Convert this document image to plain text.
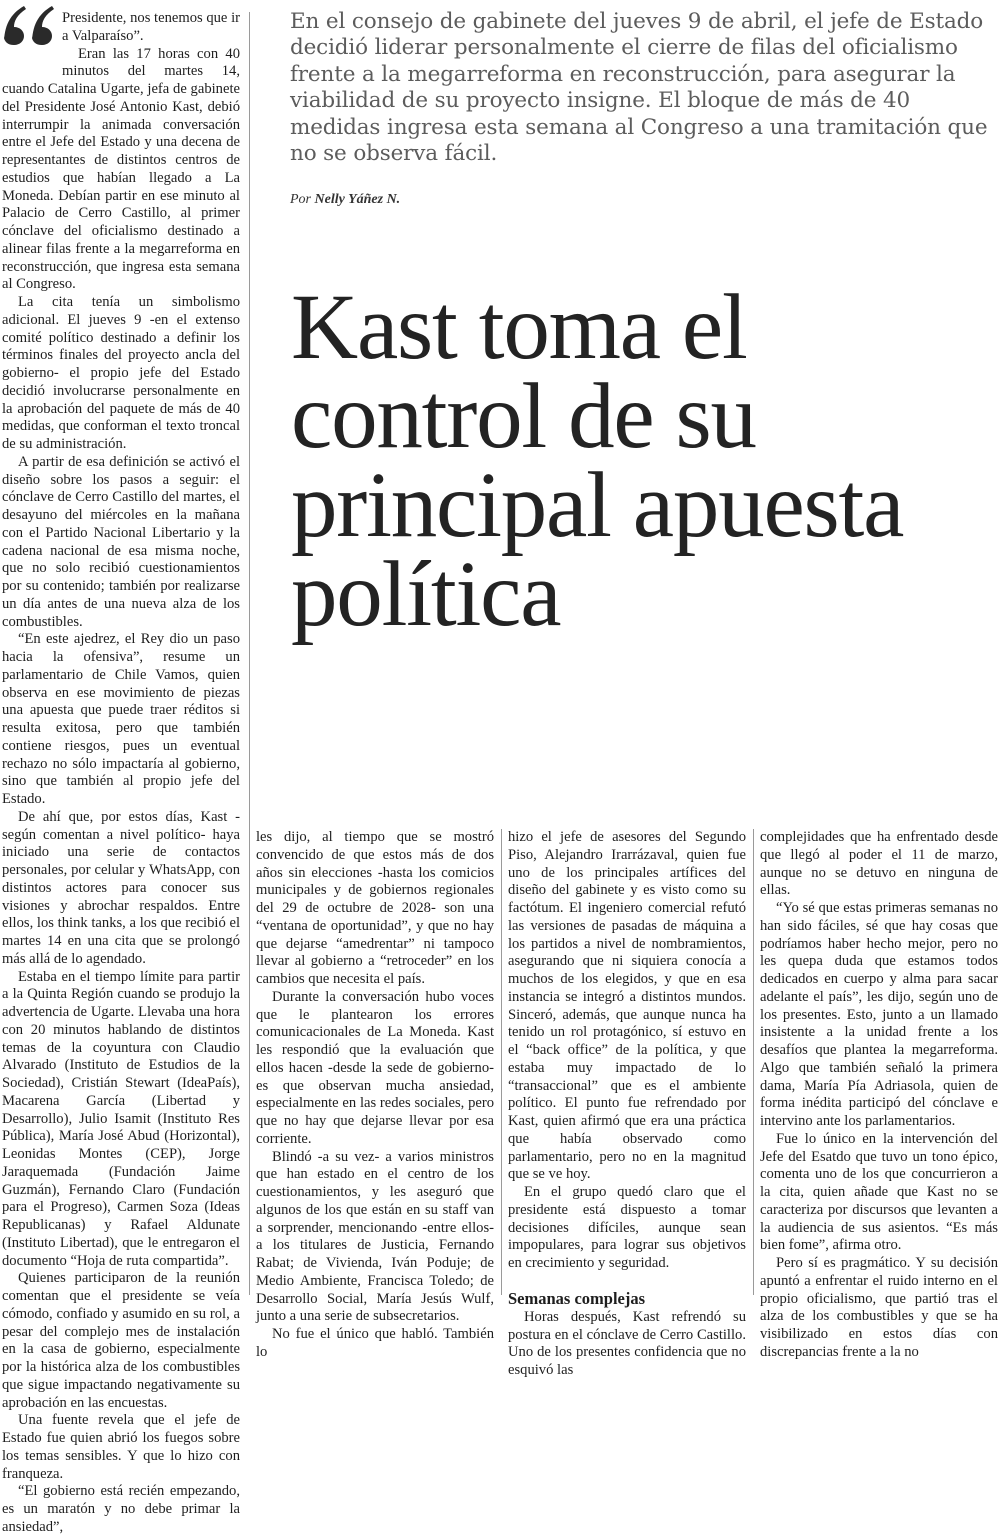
En el consejo de gabinete del jueves 9 de abril, el jefe de Estado decidió liderar personalmente el cierre de filas del oficialismo frente a la megarreforma en reconstrucción, para asegurar la viabilidad de su proyecto insigne. El bloque de más de 40 medidas ingresa esta semana al Congreso a una tramitación que no se observa fácil.

Por Nelly Yáñez N.
Kast toma el control de su principal apuesta política

Presidente, nos tenemos que ir a Valparaíso”.

Eran las 17 horas con 40 minutos del martes 14, cuando Catalina Ugarte, jefa de gabinete del Presidente José Antonio Kast, debió interrumpir la animada conversación entre el Jefe del Estado y una decena de representantes de distintos centros de estudios que habían llegado a La Moneda. Debían partir en ese minuto al Palacio de Cerro Castillo, al primer cónclave del oficialismo destinado a alinear filas frente a la megarreforma en reconstrucción, que ingresa esta semana al Congreso.

La cita tenía un simbolismo adicional. El jueves 9 -en el extenso comité político destinado a definir los términos finales del proyecto ancla del gobierno- el propio jefe del Estado decidió involucrarse personalmente en la aprobación del paquete de más de 40 medidas, que conforman el texto troncal de su administración.

A partir de esa definición se activó el diseño sobre los pasos a seguir: el cónclave de Cerro Castillo del martes, el desayuno del miércoles en la mañana con el Partido Nacional Libertario y la cadena nacional de esa misma noche, que no solo recibió cuestionamientos por su contenido; también por realizarse un día antes de una nueva alza de los combustibles.

“En este ajedrez, el Rey dio un paso hacia la ofensiva”, resume un parlamentario de Chile Vamos, quien observa en ese movimiento de piezas una apuesta que puede traer réditos si resulta exitosa, pero que también contiene riesgos, pues un eventual rechazo no sólo impactaría al gobierno, sino que también al propio jefe del Estado.

De ahí que, por estos días, Kast -según comentan a nivel político- haya iniciado una serie de contactos personales, por celular y WhatsApp, con distintos actores para conocer sus visiones y abrochar respaldos. Entre ellos, los think tanks, a los que recibió el martes 14 en una cita que se prolongó más allá de lo agendado.

Estaba en el tiempo límite para partir a la Quinta Región cuando se produjo la advertencia de Ugarte. Llevaba una hora con 20 minutos hablando de distintos temas de la coyuntura con Claudio Alvarado (Instituto de Estudios de la Sociedad), Cristián Stewart (IdeaPaís), Macarena García (Libertad y Desarrollo), Julio Isamit (Instituto Res Pública), María José Abud (Horizontal), Leonidas Montes (CEP), Jorge Jaraquemada (Fundación Jaime Guzmán), Fernando Claro (Fundación para el Progreso), Carmen Soza (Ideas Republicanas) y Rafael Aldunate (Instituto Libertad), que le entregaron el documento “Hoja de ruta compartida”.

Quienes participaron de la reunión comentan que el presidente se veía cómodo, confiado y asumido en su rol, a pesar del complejo mes de instalación en la casa de gobierno, especialmente por la histórica alza de los combustibles que sigue impactando negativamente su aprobación en las encuestas.

Una fuente revela que el jefe de Estado fue quien abrió los fuegos sobre los temas sensibles. Y que lo hizo con franqueza.

“El gobierno está recién empezando, es un maratón y no debe primar la ansiedad”,

les dijo, al tiempo que se mostró convencido de que estos más de dos años sin elecciones -hasta los comicios municipales y de gobiernos regionales del 29 de octubre de 2028- son una “ventana de oportunidad”, y que no hay que dejarse “amedrentar” ni tampoco llevar al gobierno a “retroceder” en los cambios que necesita el país.

Durante la conversación hubo voces que le plantearon los errores comunicacionales de La Moneda. Kast les respondió que la evaluación que ellos hacen -desde la sede de gobierno- es que observan mucha ansiedad, especialmente en las redes sociales, pero que no hay que dejarse llevar por esa corriente.

Blindó -a su vez- a varios ministros que han estado en el centro de los cuestionamientos, y les aseguró que algunos de los que están en su staff van a sorprender, mencionando -entre ellos- a los titulares de Justicia, Fernando Rabat; de Vivienda, Iván Poduje; de Medio Ambiente, Francisca Toledo; de Desarrollo Social, María Jesús Wulf, junto a una serie de subsecretarios.

No fue el único que habló. También lo

hizo el jefe de asesores del Segundo Piso, Alejandro Irarrázaval, quien fue uno de los principales artífices del diseño del gabinete y es visto como su factótum. El ingeniero comercial refutó las versiones de pasadas de máquina a los partidos a nivel de nombramientos, asegurando que ni siquiera conocía a muchos de los elegidos, y que en esa instancia se integró a distintos mundos. Sinceró, además, que aunque nunca ha tenido un rol protagónico, sí estuvo en el “back office” de la política, y que estaba muy impactado de lo “transaccional” que es el ambiente político. El punto fue refrendado por Kast, quien afirmó que era una práctica que había observado como parlamentario, pero no en la magnitud que se ve hoy.

En el grupo quedó claro que el presidente está dispuesto a tomar decisiones difíciles, aunque sean impopulares, para lograr sus objetivos en crecimiento y seguridad.

Semanas complejas

Horas después, Kast refrendó su postura en el cónclave de Cerro Castillo. Uno de los presentes confidencia que no esquivó las

complejidades que ha enfrentado desde que llegó al poder el 11 de marzo, aunque no se detuvo en ninguna de ellas.

“Yo sé que estas primeras semanas no han sido fáciles, sé que hay cosas que podríamos haber hecho mejor, pero no les quepa duda que estamos todos dedicados en cuerpo y alma para sacar adelante el país”, les dijo, según uno de los presentes. Esto, junto a un llamado insistente a la unidad frente a los desafíos que plantea la megarreforma. Algo que también señaló la primera dama, María Pía Adriasola, quien de forma inédita participó del cónclave e intervino ante los parlamentarios.

Fue lo único en la intervención del Jefe del Esatdo que tuvo un tono épico, comenta uno de los que concurrieron a la cita, quien añade que Kast no se caracteriza por discursos que levanten a la audiencia de sus asientos. “Es más bien fome”, afirma otro.

Pero sí es pragmático. Y su decisión apuntó a enfrentar el ruido interno en el propio oficialismo, que partió tras el alza de los combustibles y que se ha visibilizado en estos días con discrepancias frente a la no
